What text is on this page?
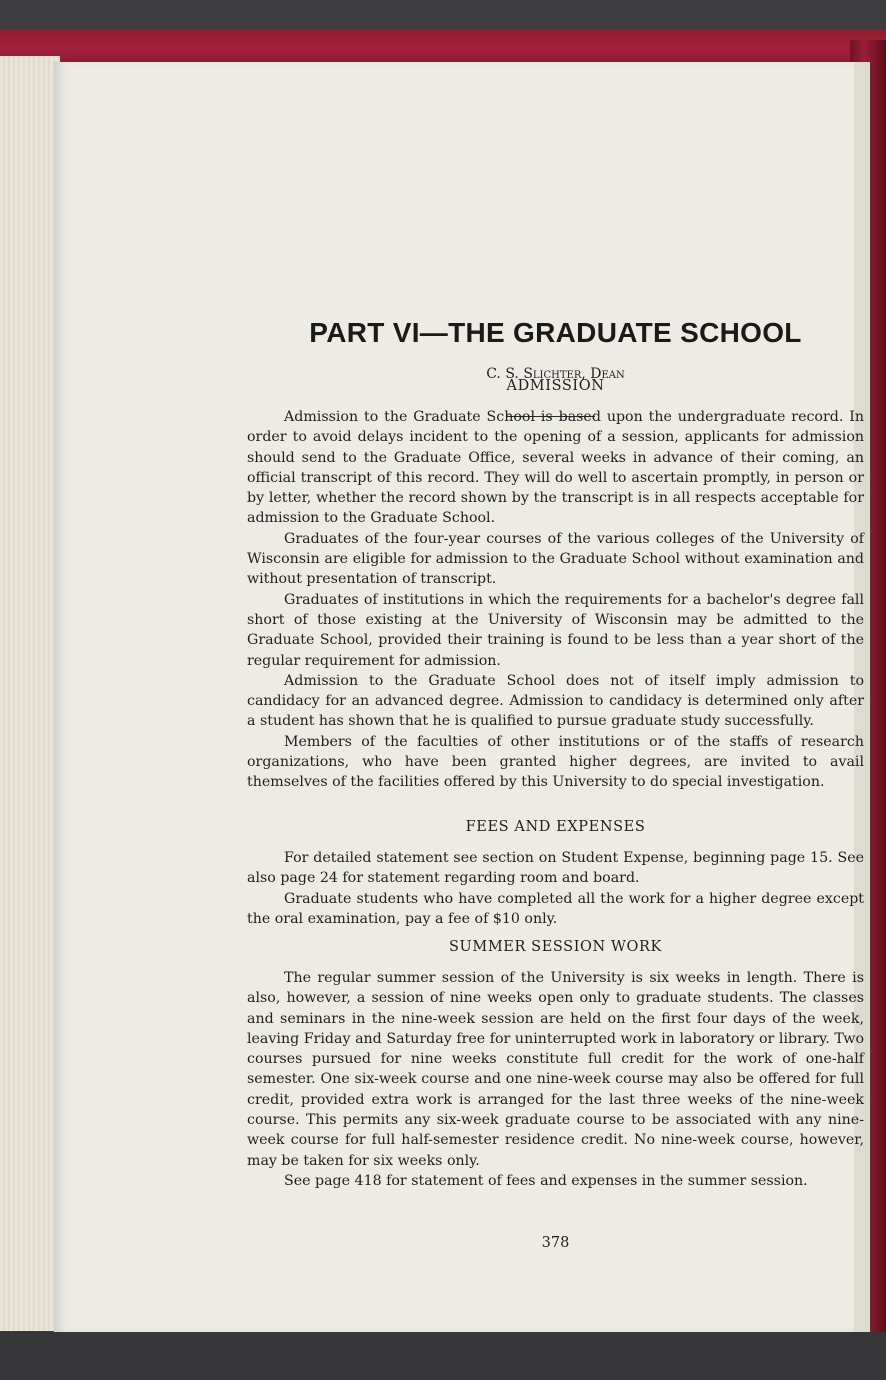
PART VI—THE GRADUATE SCHOOL
C. S. Slichter, Dean
ADMISSION

Admission to the Graduate School is based upon the undergraduate record. In order to avoid delays incident to the opening of a session, applicants for admission should send to the Graduate Office, several weeks in advance of their coming, an official transcript of this record. They will do well to ascertain promptly, in person or by letter, whether the record shown by the transcript is in all respects acceptable for admission to the Graduate School.

Graduates of the four-year courses of the various colleges of the University of Wisconsin are eligible for admission to the Graduate School without examination and without presentation of transcript.

Graduates of institutions in which the requirements for a bachelor's degree fall short of those existing at the University of Wisconsin may be admitted to the Graduate School, provided their training is found to be less than a year short of the regular requirement for admission.

Admission to the Graduate School does not of itself imply admission to candidacy for an advanced degree. Admission to candidacy is determined only after a student has shown that he is qualified to pursue graduate study successfully.

Members of the faculties of other institutions or of the staffs of research organizations, who have been granted higher degrees, are invited to avail themselves of the facilities offered by this University to do special investigation.

FEES AND EXPENSES

For detailed statement see section on Student Expense, beginning page 15. See also page 24 for statement regarding room and board.

Graduate students who have completed all the work for a higher degree except the oral examination, pay a fee of $10 only.

SUMMER SESSION WORK

The regular summer session of the University is six weeks in length. There is also, however, a session of nine weeks open only to graduate students. The classes and seminars in the nine-week session are held on the first four days of the week, leaving Friday and Saturday free for uninterrupted work in laboratory or library. Two courses pursued for nine weeks constitute full credit for the work of one-half semester. One six-week course and one nine-week course may also be offered for full credit, provided extra work is arranged for the last three weeks of the nine-week course. This permits any six-week graduate course to be associated with any nine-week course for full half-semester residence credit. No nine-week course, however, may be taken for six weeks only.

See page 418 for statement of fees and expenses in the summer session.

378
